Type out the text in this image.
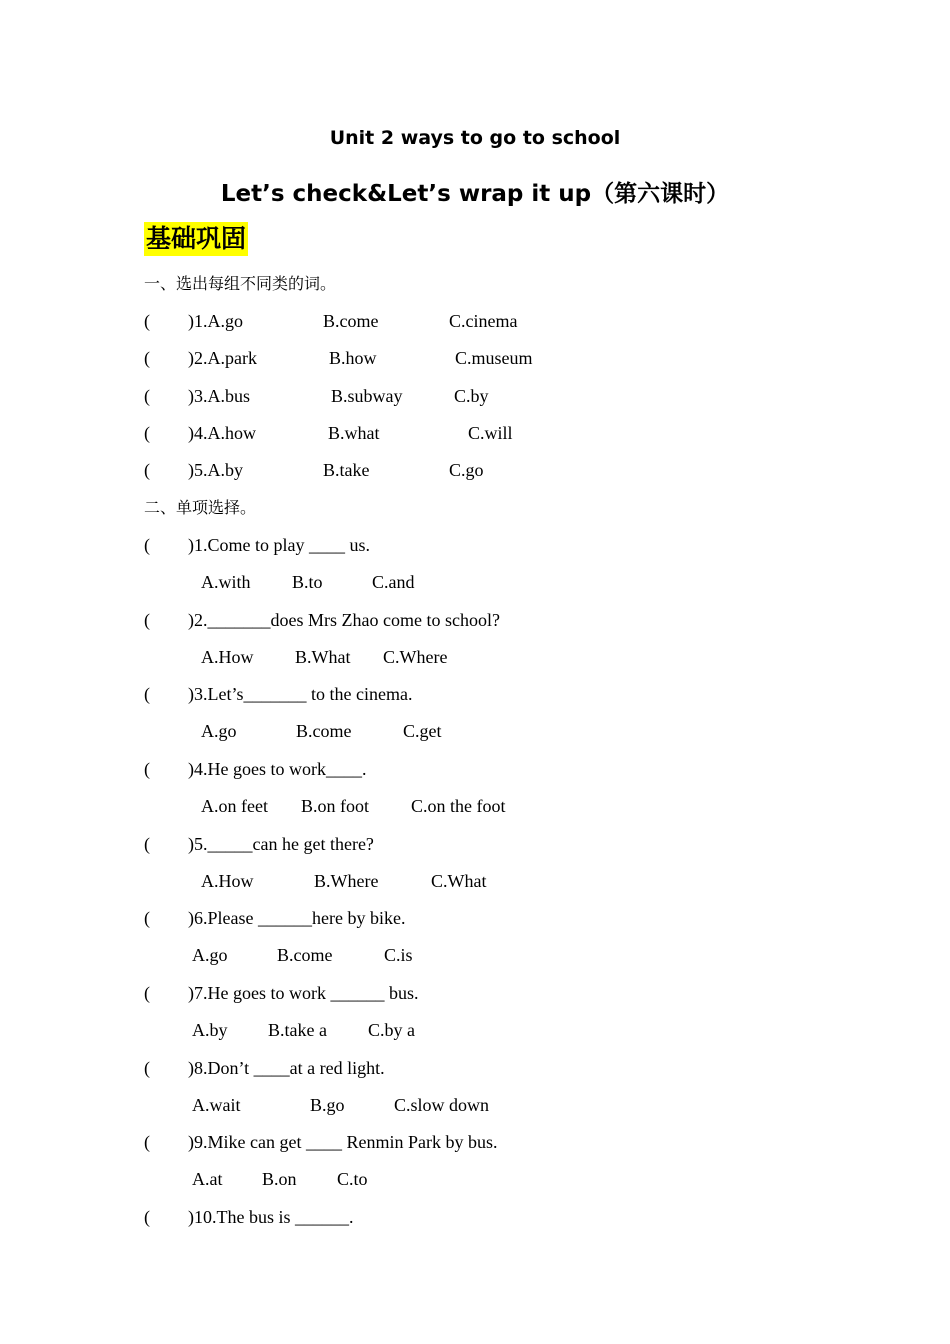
Unit 2 ways to go to school
Let’s check&Let’s wrap it up（第六课时）
基础巩固
一、选出每组不同类的词。
( )1.A.go	B.come	C.cinema
( )2.A.park	B.how	C.museum
( )3.A.bus	B.subway	C.by
( )4.A.how	B.what	C.will
( )5.A.by	B.take	C.go
二、单项选择。
( )1.Come to play ____ us.
A.with B.to	C.and
( )2._______does Mrs Zhao come to school?
A.How B.What C.Where
( )3.Let’s_______ to the cinema.
A.go	B.come	C.get
( )4.He goes to work____.
A.on feet B.on foot C.on the foot
( )5._____can he get there?
A.How	B.Where	C.What
( )6.Please ______here by bike.
A.go	B.come	C.is
( )7.He goes to work ______ bus.
A.by B.take a C.by a
( )8.Don’t ____at a red light.
A.wait	B.go	C.slow down
( )9.Mike can get ____ Renmin Park by bus.
A.at B.on C.to
( )10.The bus is ______.
